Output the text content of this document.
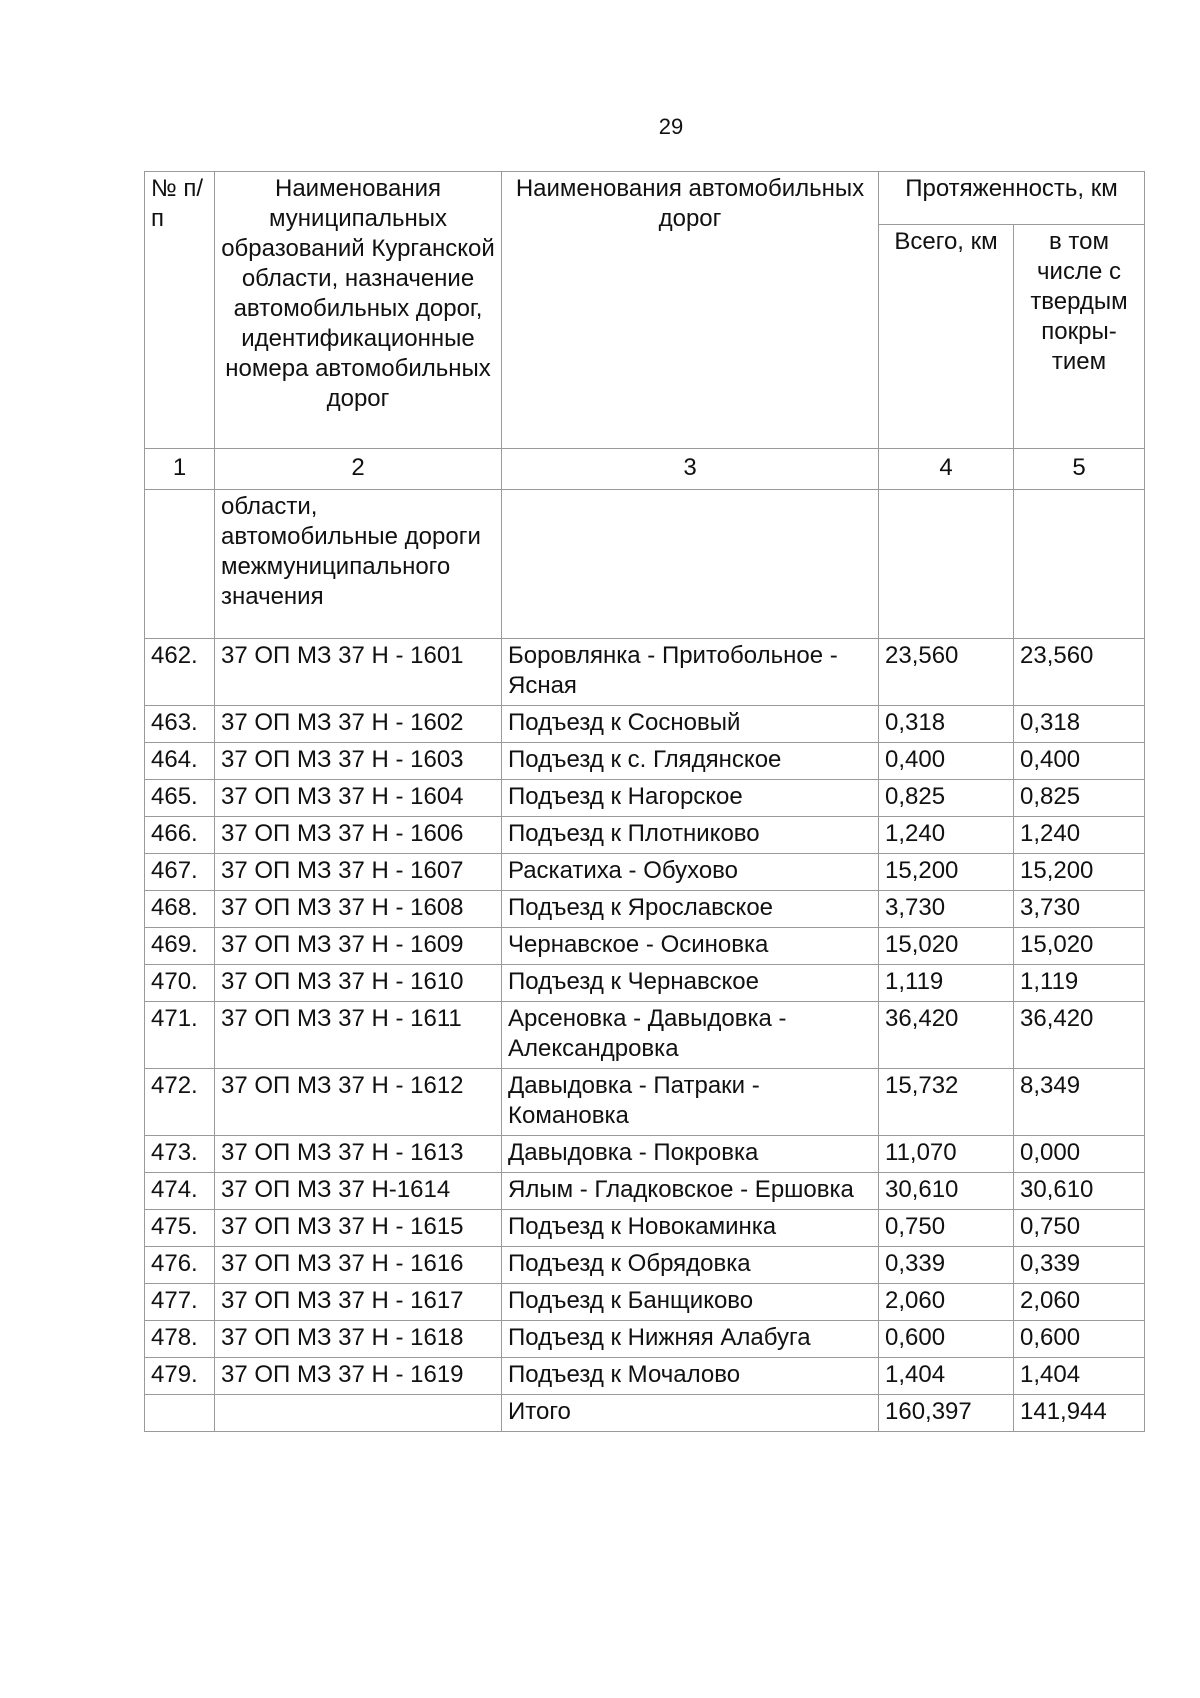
29
№ п/п	Наименования муниципальных образований Курганской области, назначение автомобильных дорог, идентификационные номера автомобильных дорог	Наименования автомобильных дорог	Протяженность, км	
			Всего, км	в том числе с твердым покры-тием
1	2	3	4	5
	области, автомобильные дороги межмуниципального значения			
462.	37 ОП МЗ 37 Н - 1601	Боровлянка - Притобольное - Ясная	23,560	23,560
463.	37 ОП МЗ 37 Н - 1602	Подъезд к Сосновый	0,318	0,318
464.	37 ОП МЗ 37 Н - 1603	Подъезд к с. Глядянское	0,400	0,400
465.	37 ОП МЗ 37 Н - 1604	Подъезд к Нагорское	0,825	0,825
466.	37 ОП МЗ 37 Н - 1606	Подъезд к Плотниково	1,240	1,240
467.	37 ОП МЗ 37 Н - 1607	Раскатиха - Обухово	15,200	15,200
468.	37 ОП МЗ 37 Н - 1608	Подъезд к Ярославское	3,730	3,730
469.	37 ОП МЗ 37 Н - 1609	Чернавское - Осиновка	15,020	15,020
470.	37 ОП МЗ 37 Н - 1610	Подъезд к Чернавское	1,119	1,119
471.	37 ОП МЗ 37 Н - 1611	Арсеновка - Давыдовка - Александровка	36,420	36,420
472.	37 ОП МЗ 37 Н - 1612	Давыдовка - Патраки - Комановка	15,732	8,349
473.	37 ОП МЗ 37 Н - 1613	Давыдовка - Покровка	11,070	0,000
474.	37 ОП МЗ 37 Н-1614	Ялым - Гладковское - Ершовка	30,610	30,610
475.	37 ОП МЗ 37 Н - 1615	Подъезд к Новокаминка	0,750	0,750
476.	37 ОП МЗ 37 Н - 1616	Подъезд к Обрядовка	0,339	0,339
477.	37 ОП МЗ 37 Н - 1617	Подъезд к Банщиково	2,060	2,060
478.	37 ОП МЗ 37 Н - 1618	Подъезд к Нижняя Алабуга	0,600	0,600
479.	37 ОП МЗ 37 Н - 1619	Подъезд к Мочалово	1,404	1,404
		Итого	160,397	141,944
